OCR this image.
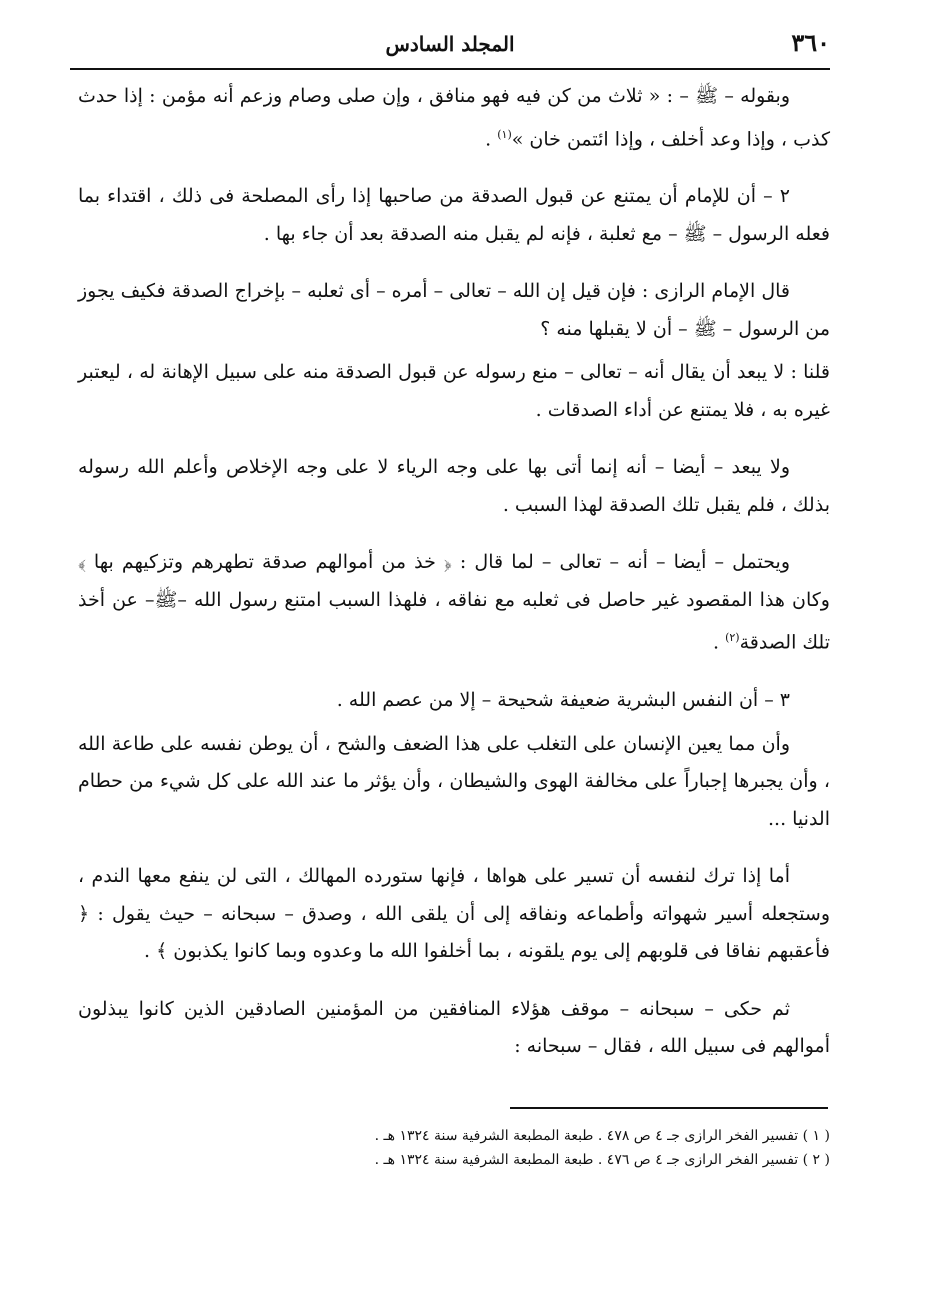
٣٦٠
المجلد السادس

وبقوله – ﷺ – : « ثلاث من كن فيه فهو منافق ، وإن صلى وصام وزعم أنه مؤمن : إذا حدث كذب ، وإذا وعد أخلف ، وإذا ائتمن خان »$^{(١)}$ .

٢ – أن للإمام أن يمتنع عن قبول الصدقة من صاحبها إذا رأى المصلحة فى ذلك ، اقتداء بما فعله الرسول – ﷺ – مع ثعلبة ، فإنه لم يقبل منه الصدقة بعد أن جاء بها .

قال الإمام الرازى : فإن قيل إن الله – تعالى – أمره – أى ثعلبه – بإخراج الصدقة فكيف يجوز من الرسول – ﷺ – أن لا يقبلها منه ؟

قلنا : لا يبعد أن يقال أنه – تعالى – منع رسوله عن قبول الصدقة منه على سبيل الإهانة له ، ليعتبر غيره به ، فلا يمتنع عن أداء الصدقات .

ولا يبعد – أيضا – أنه إنما أتى بها على وجه الرياء لا على وجه الإخلاص وأعلم الله رسوله بذلك ، فلم يقبل تلك الصدقة لهذا السبب .

ويحتمل – أيضا – أنه – تعالى – لما قال : ﴿ خذ من أموالهم صدقة تطهرهم وتزكيهم بها ﴾ وكان هذا المقصود غير حاصل فى ثعلبه مع نفاقه ، فلهذا السبب امتنع رسول الله –ﷺ– عن أخذ تلك الصدقة$^{(٢)}$ .

٣ – أن النفس البشرية ضعيفة شحيحة – إلا من عصم الله .

وأن مما يعين الإنسان على التغلب على هذا الضعف والشح ، أن يوطن نفسه على طاعة الله ، وأن يجبرها إجباراً على مخالفة الهوى والشيطان ، وأن يؤثر ما عند الله على كل شيء من حطام الدنيا ...

أما إذا ترك لنفسه أن تسير على هواها ، فإنها ستورده المهالك ، التى لن ينفع معها الندم ، وستجعله أسير شهواته وأطماعه ونفاقه إلى أن يلقى الله ، وصدق – سبحانه – حيث يقول : ﴿ فأعقبهم نفاقا فى قلوبهم إلى يوم يلقونه ، بما أخلفوا الله ما وعدوه وبما كانوا يكذبون ﴾ .

ثم حكى – سبحانه – موقف هؤلاء المنافقين من المؤمنين الصادقين الذين كانوا يبذلون أموالهم فى سبيل الله ، فقال – سبحانه :

( ١ ) تفسير الفخر الرازى جـ ٤ ص ٤٧٨ . طبعة المطبعة الشرفية سنة ١٣٢٤ هـ .

( ٢ ) تفسير الفخر الرازى جـ ٤ ص ٤٧٦ . طبعة المطبعة الشرفية سنة ١٣٢٤ هـ .
